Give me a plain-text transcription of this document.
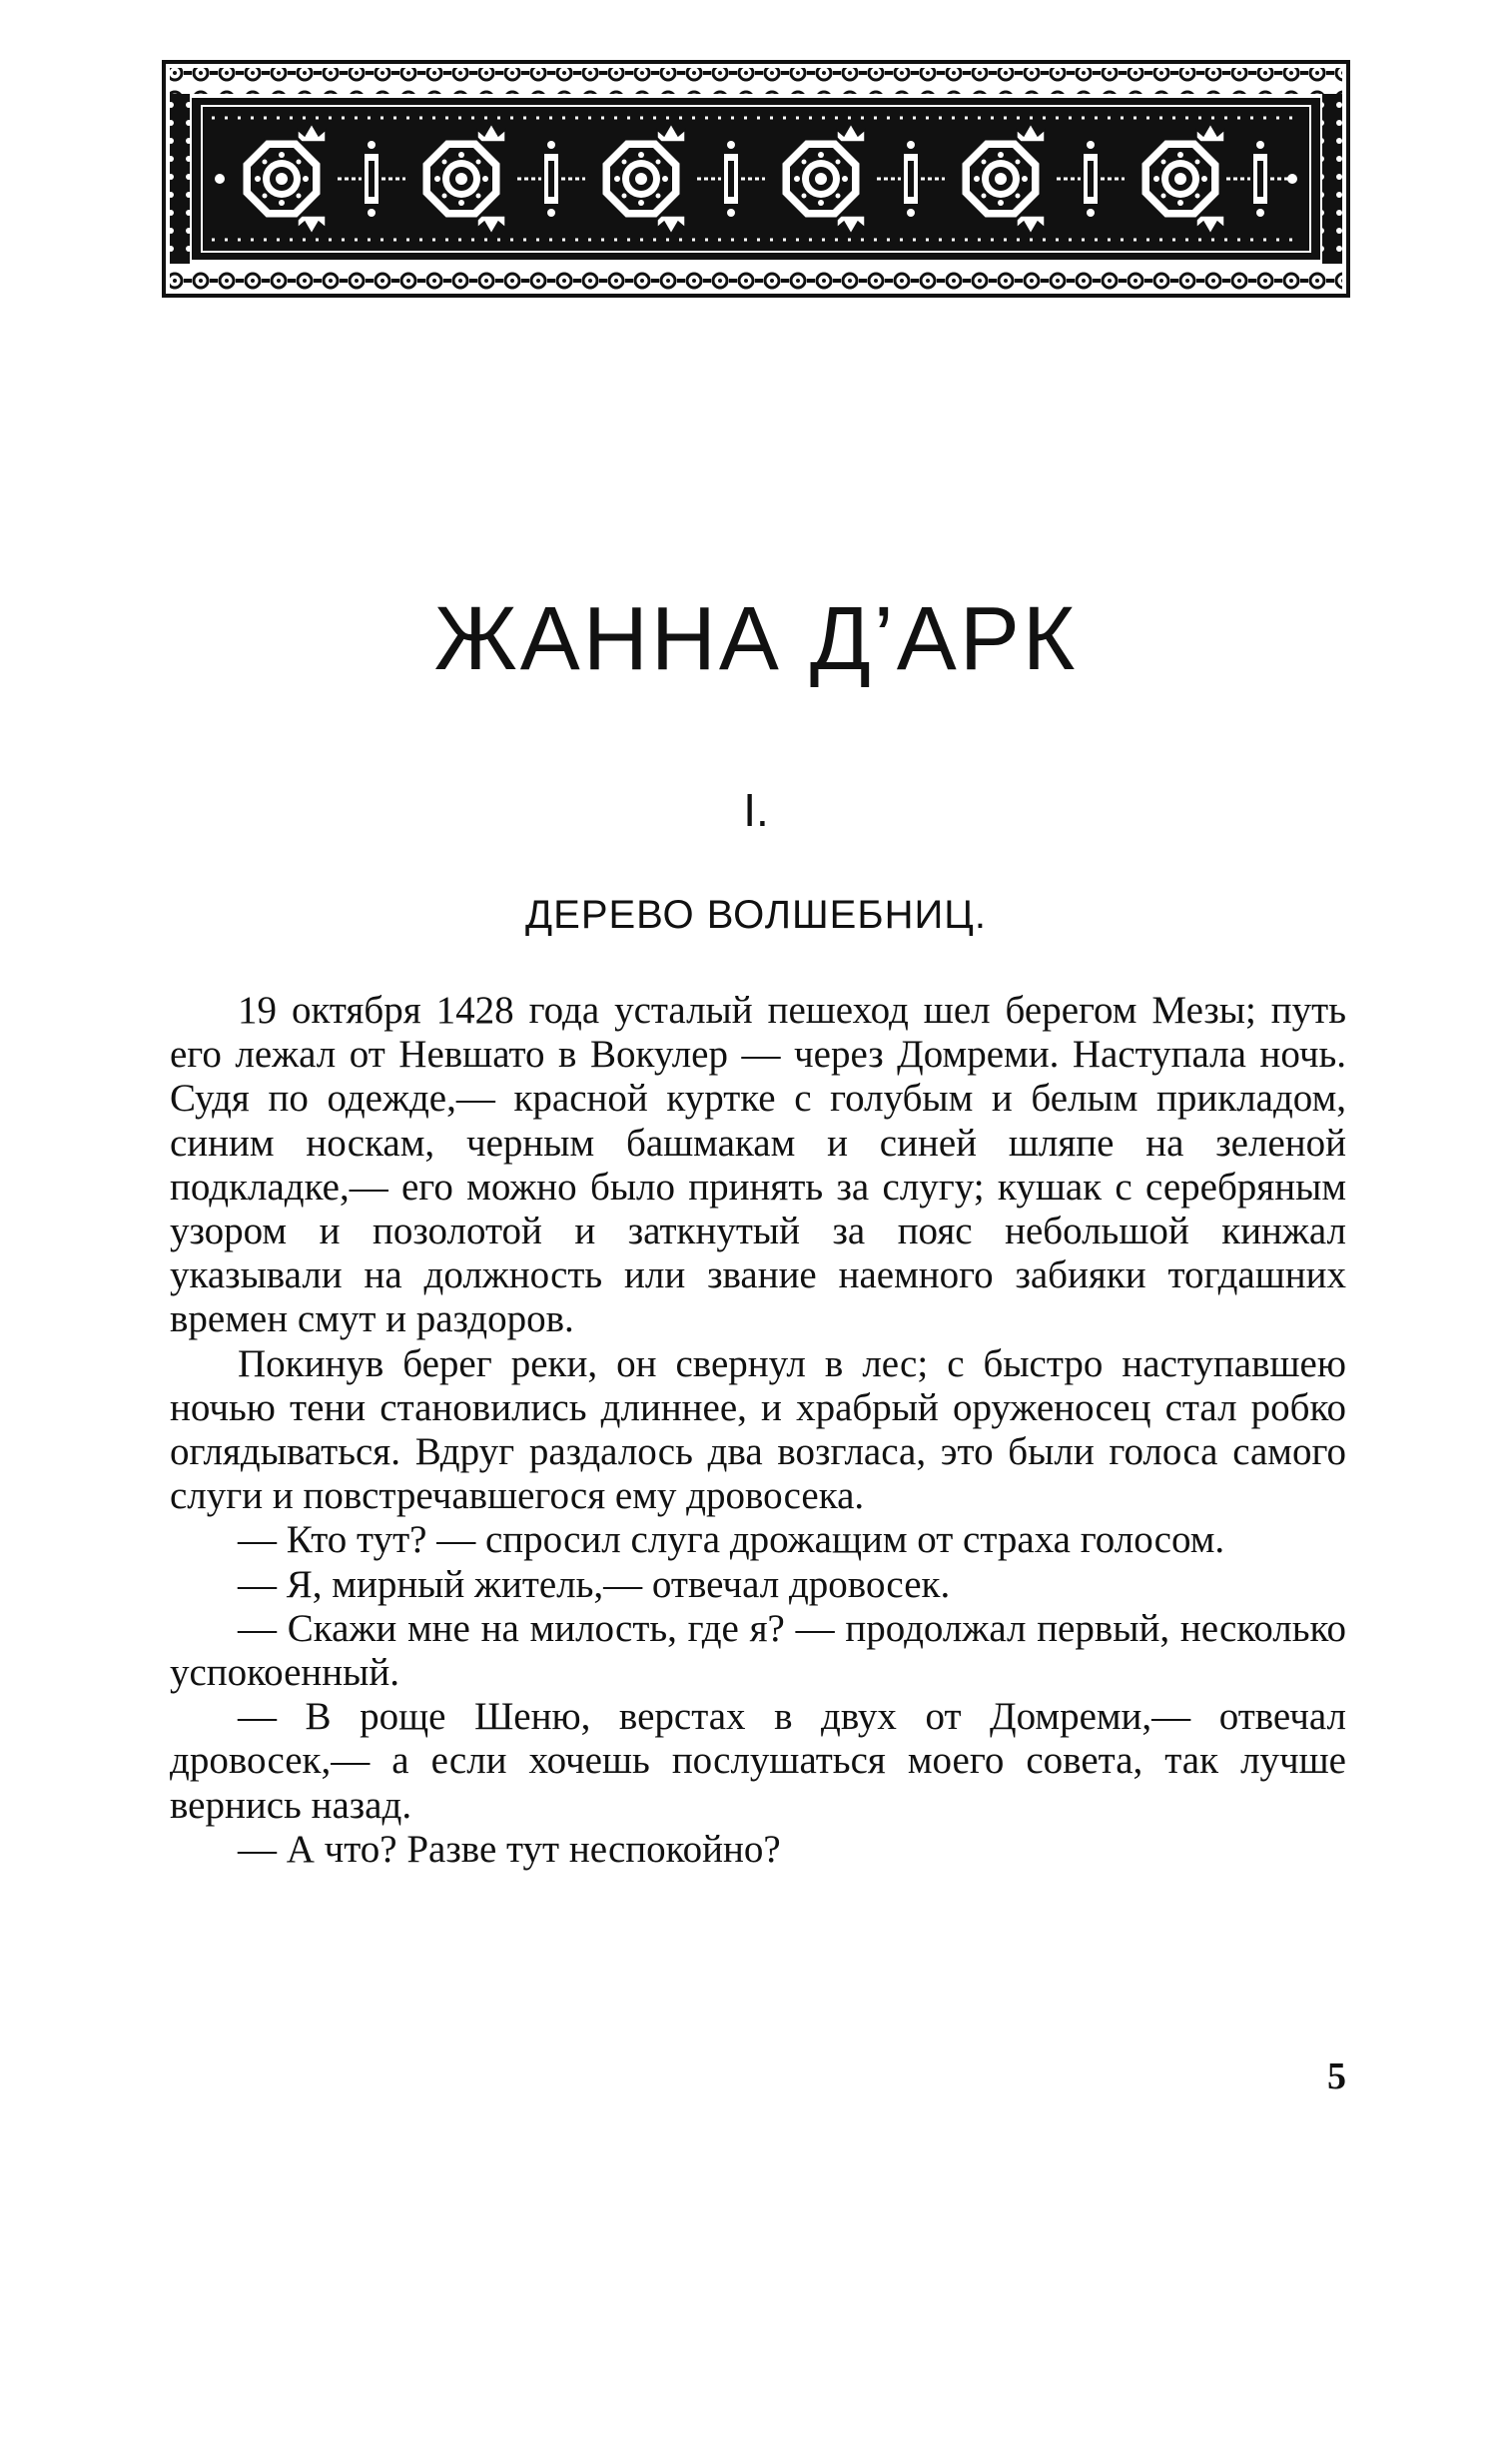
ЖАННА Д’АРК
I.
ДЕРЕВО ВОЛШЕБНИЦ.

19 октября 1428 года усталый пешеход шел берегом Мезы; путь его лежал от Невшато в Вокулер — через Домреми. Наступала ночь. Судя по одежде,— красной куртке с голубым и белым прикладом, синим носкам, черным башмакам и синей шляпе на зеленой подкладке,— его можно было принять за слугу; кушак с серебряным узором и позолотой и заткнутый за пояс небольшой кинжал указывали на должность или звание наемного забияки тогдашних времен смут и раздоров.

Покинув берег реки, он свернул в лес; с быстро наступавшею ночью тени становились длиннее, и храбрый оруженосец стал робко оглядываться. Вдруг раздалось два возгласа, это были голоса самого слуги и повстречавшегося ему дровосека.

— Кто тут? — спросил слуга дрожащим от страха голосом.

— Я, мирный житель,— отвечал дровосек.

— Скажи мне на милость, где я? — продолжал первый, несколько успокоенный.

— В роще Шеню, верстах в двух от Домреми,— отвечал дровосек,— а если хочешь послушаться моего совета, так лучше вернись назад.

— А что? Разве тут неспокойно?

5
